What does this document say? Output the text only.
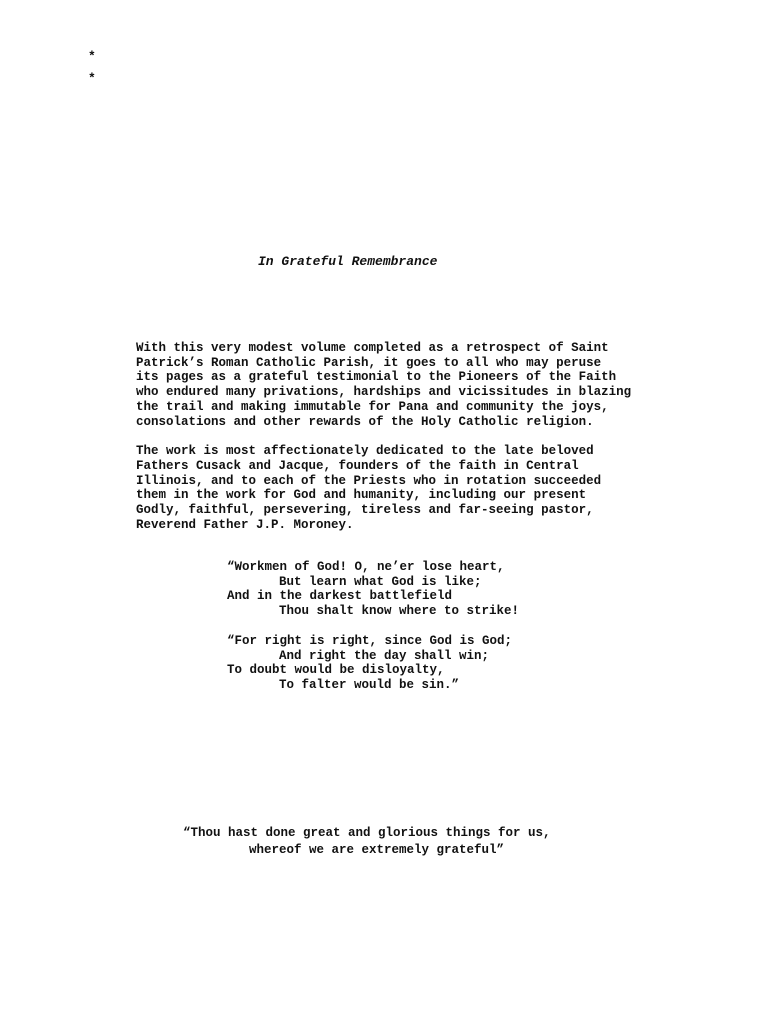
*
*
In Grateful Remembrance
With this very modest volume completed as a retrospect of Saint
Patrick’s Roman Catholic Parish, it goes to all who may peruse
its pages as a grateful testimonial to the Pioneers of the Faith
who endured many privations, hardships and vicissitudes in blazing
the trail and making immutable for Pana and community the joys,
consolations and other rewards of the Holy Catholic religion.
The work is most affectionately dedicated to the late beloved
Fathers Cusack and Jacque, founders of the faith in Central
Illinois, and to each of the Priests who in rotation succeeded
them in the work for God and humanity, including our present
Godly, faithful, persevering, tireless and far-seeing pastor,
Reverend Father J.P. Moroney.
“Workmen of God! O, ne’er lose heart,
But learn what God is like;
And in the darkest battlefield
Thou shalt know where to strike!
“For right is right, since God is God;
And right the day shall win;
To doubt would be disloyalty,
To falter would be sin.”
“Thou hast done great and glorious things for us,
whereof we are extremely grateful”
